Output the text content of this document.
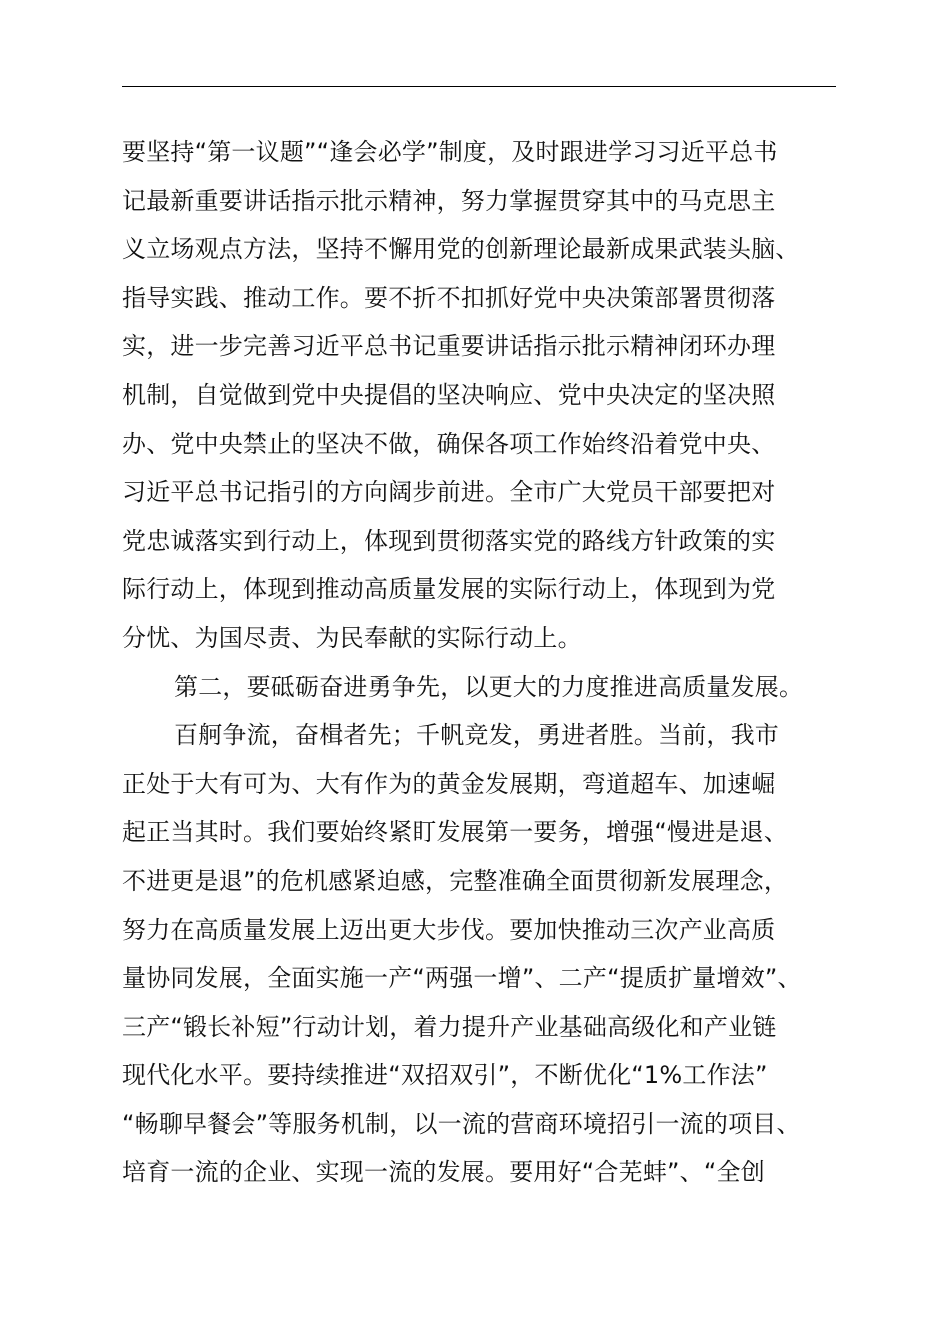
要坚持“第一议题”“逢会必学”制度，及时跟进学习习近平总书
记最新重要讲话指示批示精神，努力掌握贯穿其中的马克思主
义立场观点方法，坚持不懈用党的创新理论最新成果武装头脑、
指导实践、推动工作。要不折不扣抓好党中央决策部署贯彻落
实，进一步完善习近平总书记重要讲话指示批示精神闭环办理
机制，自觉做到党中央提倡的坚决响应、党中央决定的坚决照
办、党中央禁止的坚决不做，确保各项工作始终沿着党中央、
习近平总书记指引的方向阔步前进。全市广大党员干部要把对
党忠诚落实到行动上，体现到贯彻落实党的路线方针政策的实
际行动上，体现到推动高质量发展的实际行动上，体现到为党
分忧、为国尽责、为民奉献的实际行动上。
第二，要砥砺奋进勇争先，以更大的力度推进高质量发展。
百舸争流，奋楫者先；千帆竞发，勇进者胜。当前，我市
正处于大有可为、大有作为的黄金发展期，弯道超车、加速崛
起正当其时。我们要始终紧盯发展第一要务，增强“慢进是退、
不进更是退”的危机感紧迫感，完整准确全面贯彻新发展理念，
努力在高质量发展上迈出更大步伐。要加快推动三次产业高质
量协同发展，全面实施一产“两强一增”、二产“提质扩量增效”、
三产“锻长补短”行动计划，着力提升产业基础高级化和产业链
现代化水平。要持续推进“双招双引”，不断优化“1%工作法”
“畅聊早餐会”等服务机制，以一流的营商环境招引一流的项目、
培育一流的企业、实现一流的发展。要用好“合芜蚌”、“全创
